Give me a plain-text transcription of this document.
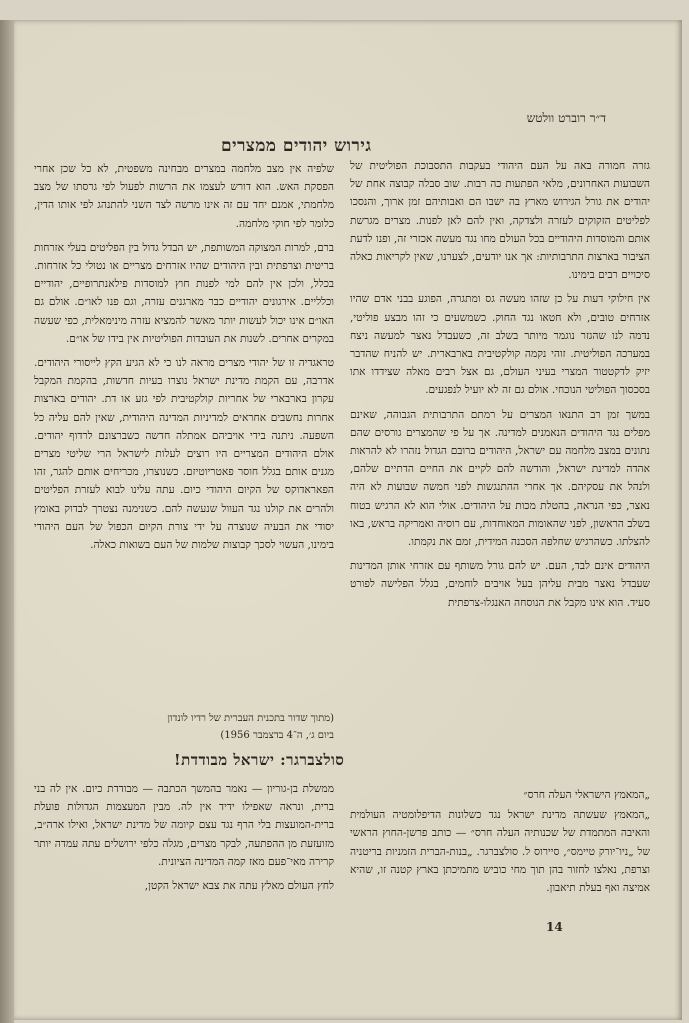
ד״ר רוברט וולטש
גירוש יהודים ממצרים

גזרה חמורה באה על העם היהודי בעקבות התסבוכת הפוליטית של השבועות האחרונים, מלאי הפתעות כה רבות. שוב סבלה קבוצה אחת של יהודים את גורל הגירוש מארץ בה ישבו הם ואבותיהם זמן ארוך, והנסכו לפליטים הזקוקים לעזרה ולצדקה, ואין להם לאן לפנות. מצרים מגרשת אותם והמוסדות היהודיים בכל העולם מחו נגד מעשה אכזרי זה, ופנו לדעת הציבור בארצות התרבותיות: אך אנו יודעים, לצערנו, שאין לקריאות כאלה סיכויים רבים בימינו.

אין חילוקי דעות על כן שזהו מעשה גס ומתגרה, הפוגע בבני אדם שהיו אזרחים טובים, ולא חטאו נגד החוק. כשמשעים כי זהו מבצע פוליטי, נדמה לנו שהגזר נוגמר מיותר בשלב זה, כשעבדל נאצר למעשה ניצח במערכה הפוליטית. זוהי נקמה קולקטיבית בארבארית. יש להניח שהדבר יזיק לדקטטור המצרי בעיני העולם, גם אצל רבים מאלה שצידדו אתו בסכסוך הפוליטי הנוכחי. אולם גם זה לא יועיל לנפגעים.

במשך זמן רב התנאו המצרים על רמתם התרבותית הגבוהה, שאינם מפלים נגד היהודים הנאמנים למדינה. אך על פי שהמצרים גורסים שהם נתונים במצב מלחמה עם ישראל, היהודים ברובם הגדול נזהרו לא להראות אהדה למדינת ישראל, והודשה להם לקיים את החיים הדתיים שלהם, ולנהל את עסקיהם. אך אחרי ההתנגשות לפני חמשה שבועות לא היה נאצר, כפי הנראה, בהטלת מכות על היהודים. אולי הוא לא הרגיש בטוח בשלב הראשון, לפני שהאומות המאוחדות, עם רוסיה ואמריקה בראש, באו להצלתו. כשהרגיש שחלפה הסכנה המידית, זמם את נקמתו.

היהודים אינם לבד, העם. יש להם גורל משותף עם אזרחי אותן המדינות שעבדל נאצר מבית עליהן בעל אויבים לוחמים, בגלל הפלישה לפורט סעיד. הוא אינו מקבל את הנוסחה האנגלו-צרפתית

שלפיה אין מצב מלחמה במצרים מבחינה משפטית, לא כל שכן אחרי הפסקת האש. הוא דורש לעצמו את הרשות לפעול לפי גרסתו של מצב מלחמתי, אמנם יחד עם זה אינו מרשה לצד השני להתנהג לפי אותו הדין, כלומר לפי חוקי מלחמה.

ברם, למרות המצוקה המשותפת, יש הבדל גדול בין הפליטים בעלי אזרחות בריטית וצרפתית ובין היהודים שהיו אזרחים מצריים או נטולי כל אזרחות. בכלל, ולכן אין להם למי לפנות חוץ למוסדות פילאנתרופיים, יהודיים וכלליים. אירגונים יהודיים כבר מארגנים עזרה, וגם פנו לאו״ם. אולם גם האו״ם אינו יכול לעשות יותר מאשר להמציא עזרה מינימאלית, כפי שעשה במקרים אחרים. לשנות את העובדות הפוליטיות אין בידו של או״ם.

טראגדיה זו של יהודי מצרים מראה לנו כי לא הגיע הקץ לייסורי היהודים. אדרבה, עם הקמת מדינת ישראל נוצרו בעיות חדשות, בהקמת המקבל עקרון בארבארי של אחריות קולקטיבית לפי גזע או דת. יהודים בארצות אחרות נחשבים אחראים למדיניות המדינה היהודית, שאין להם עליה כל השפעה. ניתנה בידי אויביהם אמתלה חדשה כשברצונם לרדוף יהודים. אולם היהודים המצריים היו רוצים לעלות לישראל הרי שליטי מצרים מגנים אותם בגלל חוסר פאטריוטיזם. כשנוצרו, מכריחים אותם להגר, זהו הפאראדוקס של הקיום היהודי כיום. עתה עלינו לבוא לעזרת הפליטים ולהרים את קולנו נגד העוול שנעשה להם. כשנימנה נצטרך לבדוק באומץ יסודי את הבעיה שנוצרה על ידי צורת הקיום הכפול של העם היהודי בימינו, העשוי לסכך קבוצות שלמות של העם בשואות כאלה.

(מתוך שדור בתכנית העברית של רדיו לונדון
ביום ג׳, ה־4 בדצמבר 1956)
סולצברגר: ישראל מבודדת!

„המאמץ הישראלי העלה חרס״

„המאמץ שעשתה מדינת ישראל נגד כשלונות הדיפלומטיה העולמית והאיבה המתמדת של שכנותיה העלה חרס״ — כותב פרשן-החוץ הראשי של „ניו־יורק טיימס״, סיירוס ל. סולצברגר. „בנות-הברית הזמניות בריטניה וצרפת, נאלצו לחזור בהן תוך מחי כוביש מתמיכתן בארץ קטנה זו, שהיא אמיצה ואף בעלת תיאבון.

ממשלת בן-גוריון — נאמר בהמשך הכתבה — מבודדת כיום. אין לה בני ברית, ונראה שאפילו ידיד אין לה. מבין המעצמות הגדולות פועלת ברית-המועצות בלי הרף נגד עצם קיומה של מדינת ישראל, ואילו ארה״ב, מזועזעת מן ההפתעה, לבקר מצרים, מגלה כלפי ירושלים עתה עמדה יותר קרירה מאי־פעם מאז קמה המדינה הציונית.

לחץ העולם מאלץ עתה את צבא ישראל הקטן,

14
